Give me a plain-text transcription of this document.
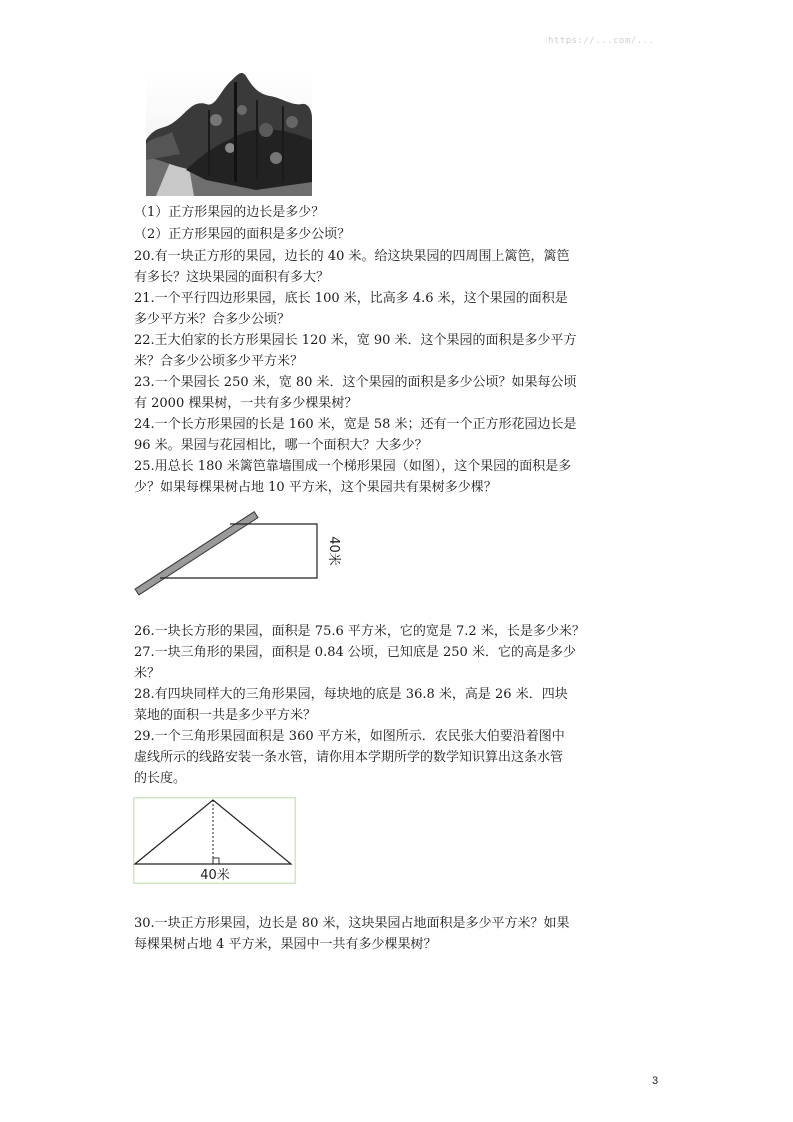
https://...com/...
（1）正方形果园的边长是多少？
（2）正方形果园的面积是多少公顷？
20.有一块正方形的果园，边长的 40 米。给这块果园的四周围上篱笆，篱笆
有多长？这块果园的面积有多大？
21.一个平行四边形果园，底长 100 米，比高多 4.6 米，这个果园的面积是
多少平方米？合多少公顷？
22.王大伯家的长方形果园长 120 米，宽 90 米．这个果园的面积是多少平方
米？合多少公顷多少平方米？
23.一个果园长 250 米，宽 80 米．这个果园的面积是多少公顷？如果每公顷
有 2000 棵果树，一共有多少棵果树？
24.一个长方形果园的长是 160 米，宽是 58 米；还有一个正方形花园边长是
96 米。果园与花园相比，哪一个面积大？大多少？
25.用总长 180 米篱笆靠墙围成一个梯形果园（如图），这个果园的面积是多
少？如果每棵果树占地 10 平方米，这个果园共有果树多少棵？
40米
26.一块长方形的果园，面积是 75.6 平方米，它的宽是 7.2 米，长是多少米？
27.一块三角形的果园，面积是 0.84 公顷，已知底是 250 米．它的高是多少
米？
28.有四块同样大的三角形果园，每块地的底是 36.8 米，高是 26 米．四块
菜地的面积一共是多少平方米？
29.一个三角形果园面积是 360 平方米，如图所示．农民张大伯要沿着图中
虚线所示的线路安装一条水管，请你用本学期所学的数学知识算出这条水管
的长度。
40米
30.一块正方形果园，边长是 80 米，这块果园占地面积是多少平方米？如果
每棵果树占地 4 平方米，果园中一共有多少棵果树？
3
